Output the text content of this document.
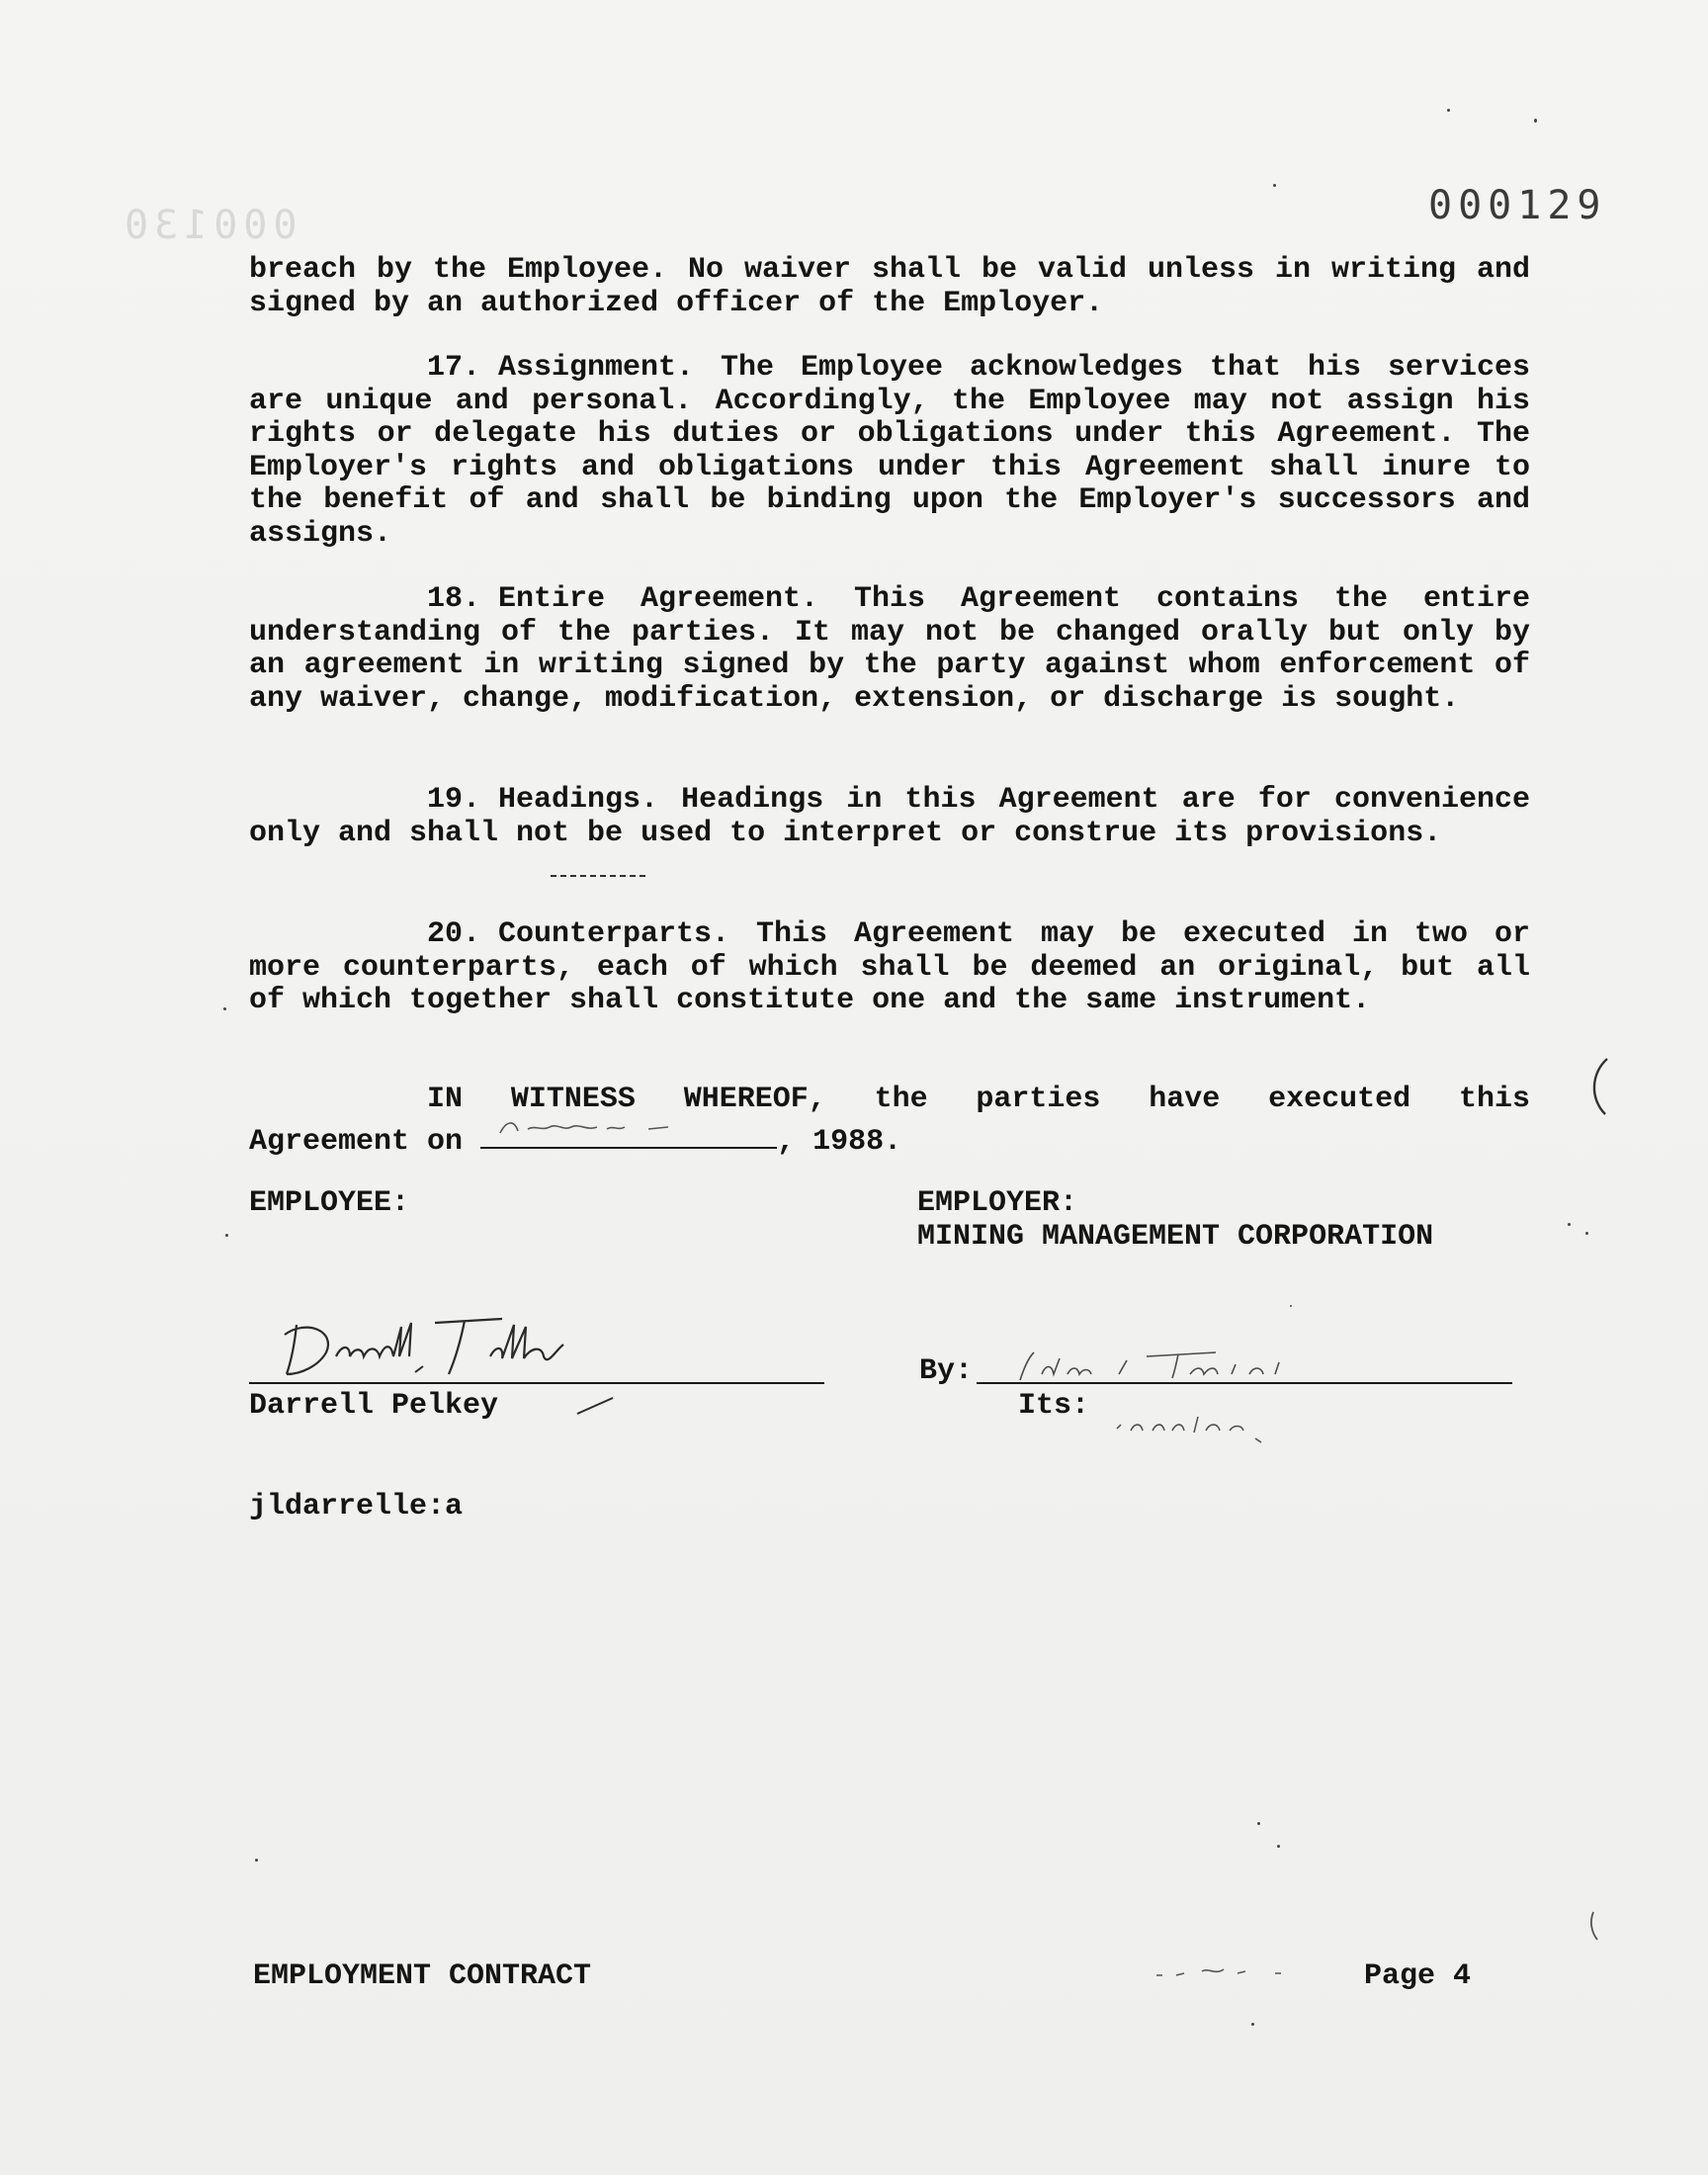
000130	000129
breach by the Employee. No waiver shall be valid unless in writing and signed by an authorized officer of the Employer.
17. Assignment. The Employee acknowledges that his services are unique and personal. Accordingly, the Employee may not assign his rights or delegate his duties or obligations under this Agreement. The Employer's rights and obligations under this Agreement shall inure to the benefit of and shall be binding upon the Employer's successors and assigns.
18. Entire Agreement. This Agreement contains the entire understanding of the parties. It may not be changed orally but only by an agreement in writing signed by the party against whom enforcement of any waiver, change, modification, extension, or discharge is sought.
19. Headings. Headings in this Agreement are for convenience only and shall not be used to interpret or construe its provisions.
20. Counterparts. This Agreement may be executed in two or more counterparts, each of which shall be deemed an original, but all of which together shall constitute one and the same instrument.
IN WITNESS WHEREOF, the parties have executed this
Agreement on	, 1988.
EMPLOYEE:	EMPLOYER:
MINING MANAGEMENT CORPORATION
Darrell Pelkey
By:
Its:
jldarrelle:a
EMPLOYMENT CONTRACT	Page 4
